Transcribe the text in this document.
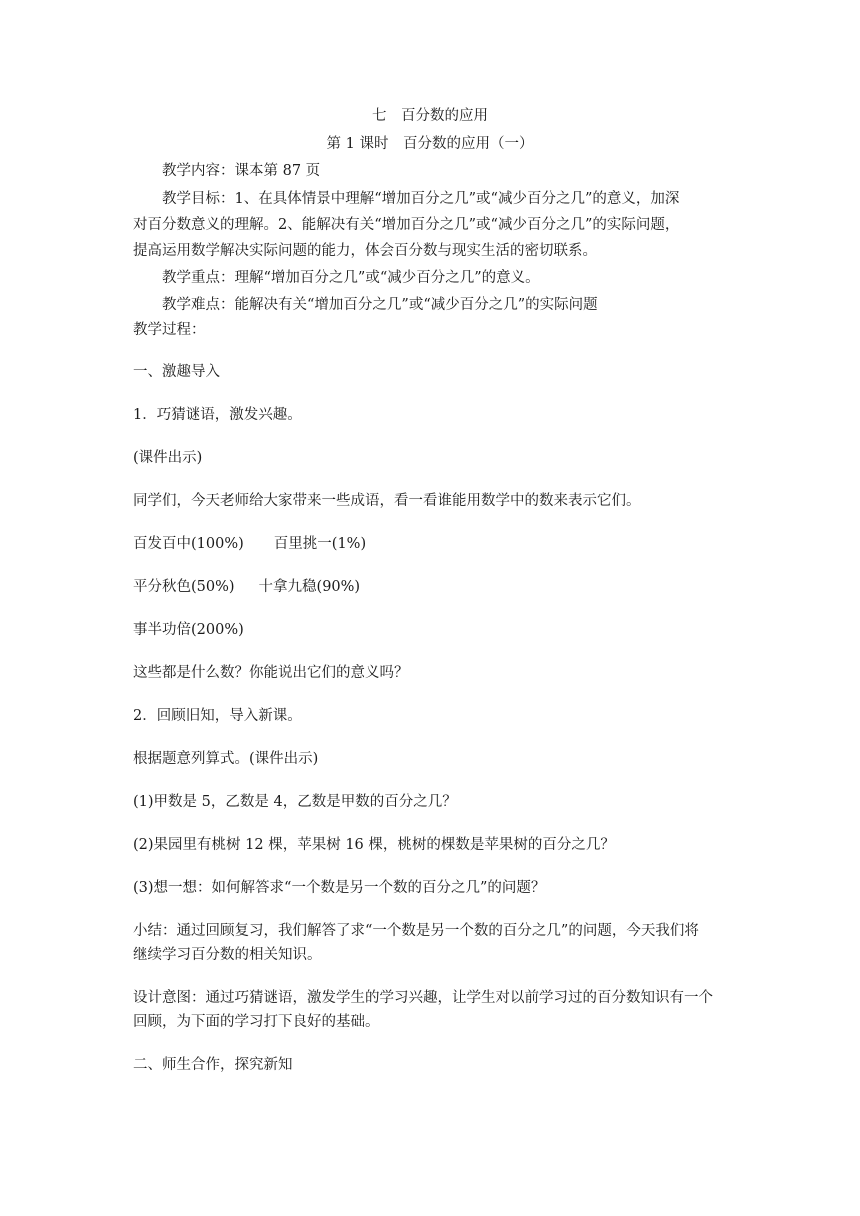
七　百分数的应用
第 1 课时　百分数的应用（一）
教学内容：课本第 87 页
教学目标：1、在具体情景中理解“增加百分之几”或“减少百分之几”的意义，加深
对百分数意义的理解。2、能解决有关“增加百分之几”或“减少百分之几”的实际问题，
提高运用数学解决实际问题的能力，体会百分数与现实生活的密切联系。
教学重点：理解“增加百分之几”或“减少百分之几”的意义。
教学难点：能解决有关“增加百分之几”或“减少百分之几”的实际问题
教学过程：
一、激趣导入
1．巧猜谜语，激发兴趣。
(课件出示)
同学们，今天老师给大家带来一些成语，看一看谁能用数学中的数来表示它们。
百发百中(100%) 百里挑一(1%)
平分秋色(50%) 十拿九稳(90%)
事半功倍(200%)
这些都是什么数？你能说出它们的意义吗？
2．回顾旧知，导入新课。
根据题意列算式。(课件出示)
(1)甲数是 5，乙数是 4，乙数是甲数的百分之几？
(2)果园里有桃树 12 棵，苹果树 16 棵，桃树的棵数是苹果树的百分之几？
(3)想一想：如何解答求“一个数是另一个数的百分之几”的问题？
小结：通过回顾复习，我们解答了求“一个数是另一个数的百分之几”的问题，今天我们将
继续学习百分数的相关知识。
设计意图：通过巧猜谜语，激发学生的学习兴趣，让学生对以前学习过的百分数知识有一个
回顾，为下面的学习打下良好的基础。
二、师生合作，探究新知
